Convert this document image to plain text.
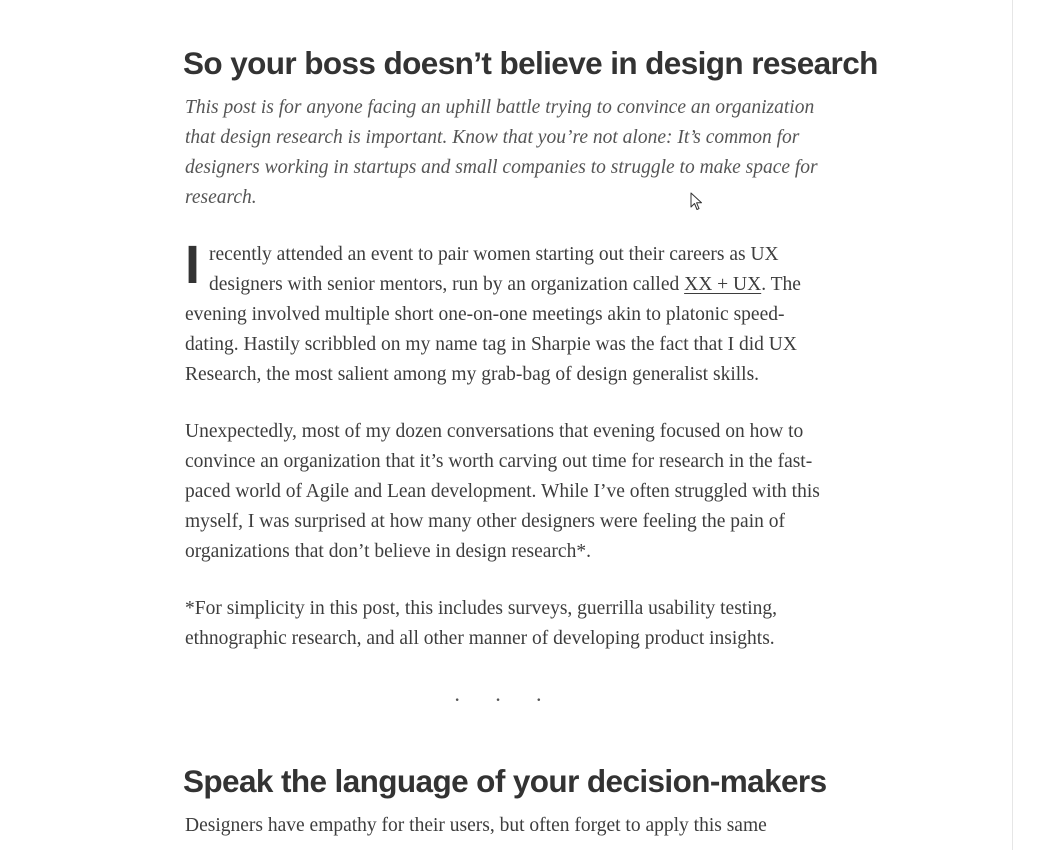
So your boss doesn’t believe in design research

This post is for anyone facing an uphill battle trying to convince an organization that design research is important. Know that you’re not alone: It’s common for designers working in startups and small companies to struggle to make space for research.

Irecently attended an event to pair women starting out their careers as UX designers with senior mentors, run by an organization called XX + UX. The evening involved multiple short one-on-one meetings akin to platonic speed-dating. Hastily scribbled on my name tag in Sharpie was the fact that I did UX Research, the most salient among my grab-bag of design generalist skills.

Unexpectedly, most of my dozen conversations that evening focused on how to convince an organization that it’s worth carving out time for research in the fast-paced world of Agile and Lean development. While I’ve often struggled with this myself, I was surprised at how many other designers were feeling the pain of organizations that don’t believe in design research*.

*For simplicity in this post, this includes surveys, guerrilla usability testing, ethnographic research, and all other manner of developing product insights.

· · ·
Speak the language of your decision-makers

Designers have empathy for their users, but often forget to apply this same
